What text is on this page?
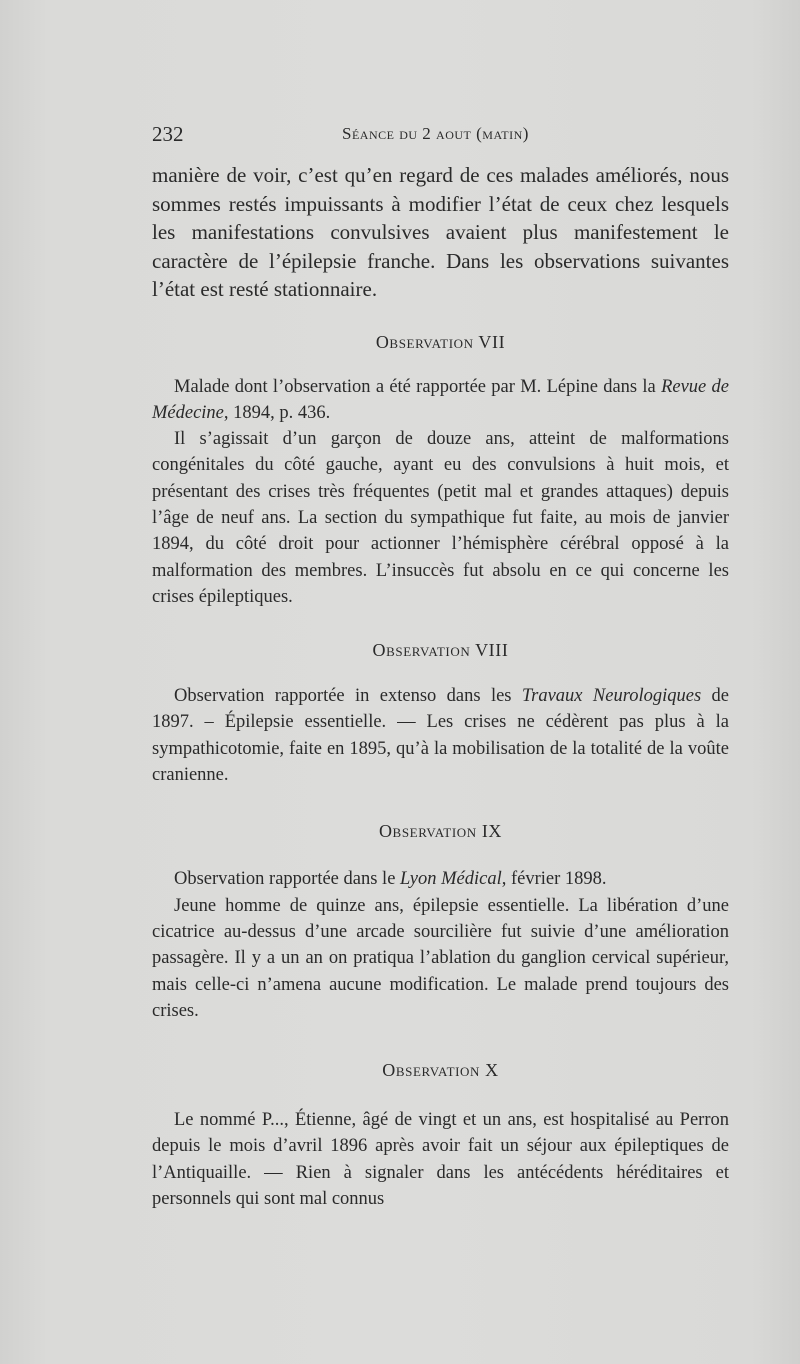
232	Séance du 2 aout (matin)

manière de voir, c’est qu’en regard de ces malades améliorés, nous sommes restés impuissants à modifier l’état de ceux chez lesquels les manifestations convulsives avaient plus manifestement le caractère de l’épilepsie franche. Dans les observations suivantes l’état est resté stationnaire.

Observation VII

Malade dont l’observation a été rapportée par M. Lépine dans la Revue de Médecine, 1894, p. 436.

Il s’agissait d’un garçon de douze ans, atteint de malformations congénitales du côté gauche, ayant eu des convulsions à huit mois, et présentant des crises très fréquentes (petit mal et grandes attaques) depuis l’âge de neuf ans. La section du sympathique fut faite, au mois de janvier 1894, du côté droit pour actionner l’hémisphère cérébral opposé à la malformation des membres. L’insuccès fut absolu en ce qui concerne les crises épileptiques.

Observation VIII

Observation rapportée in extenso dans les Travaux Neurologiques de 1897. – Épilepsie essentielle. — Les crises ne cédèrent pas plus à la sympathicotomie, faite en 1895, qu’à la mobilisation de la totalité de la voûte cranienne.

Observation IX

Observation rapportée dans le Lyon Médical, février 1898.

Jeune homme de quinze ans, épilepsie essentielle. La libération d’une cicatrice au-dessus d’une arcade sourcilière fut suivie d’une amélioration passagère. Il y a un an on pratiqua l’ablation du ganglion cervical supérieur, mais celle-ci n’amena aucune modification. Le malade prend toujours des crises.

Observation X

Le nommé P..., Étienne, âgé de vingt et un ans, est hospitalisé au Perron depuis le mois d’avril 1896 après avoir fait un séjour aux épileptiques de l’Antiquaille. — Rien à signaler dans les antécédents héréditaires et personnels qui sont mal connus
